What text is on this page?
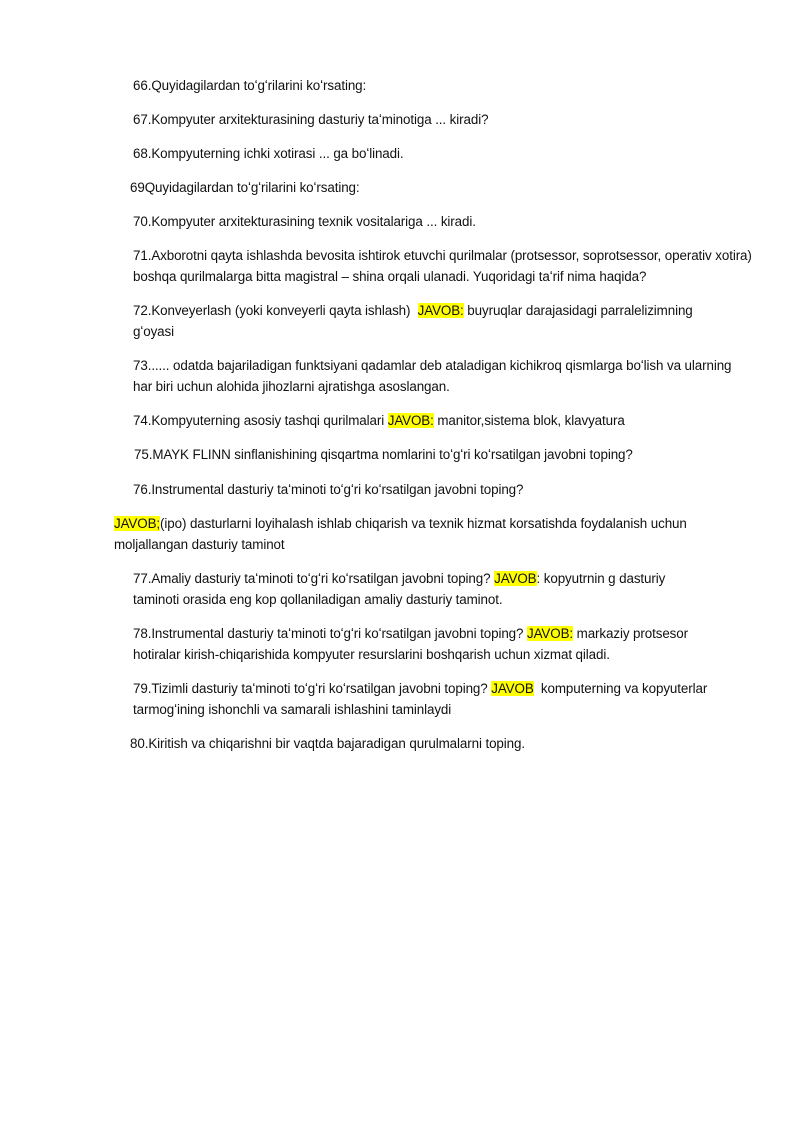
66.Quyidagilardan toʻgʻrilarini koʻrsating:
67.Kompyuter arxitekturasining dasturiy taʻminotiga ... kiradi?
68.Kompyuterning ichki xotirasi ... ga boʻlinadi.
69Quyidagilardan toʻgʻrilarini koʻrsating:
70.Kompyuter arxitekturasining texnik vositalariga ... kiradi.
71.Axborotni qayta ishlashda bevosita ishtirok etuvchi qurilmalar (protsessor, soprotsessor, operativ xotira) boshqa qurilmalarga bitta magistral – shina orqali ulanadi. Yuqoridagi taʻrif nima haqida?
72.Konveyerlash (yoki konveyerli qayta ishlash) JAVOB: buyruqlar darajasidagi parralelizimning gʻoyasi
73...... odatda bajariladigan funktsiyani qadamlar deb ataladigan kichikroq qismlarga boʻlish va ularning har biri uchun alohida jihozlarni ajratishga asoslangan.
74.Kompyuterning asosiy tashqi qurilmalari JAVOB: manitor,sistema blok, klavyatura
75.MAYK FLINN sinflanishining qisqartma nomlarini toʻgʻri koʻrsatilgan javobni toping?
76.Instrumental dasturiy taʻminoti toʻgʻri koʻrsatilgan javobni toping?
JAVOB;(ipo) dasturlarni loyihalash ishlab chiqarish va texnik hizmat korsatishda foydalanish uchun moljallangan dasturiy taminot
77.Amaliy dasturiy taʻminoti toʻgʻri koʻrsatilgan javobni toping? JAVOB: kopyutrnin g dasturiy taminoti orasida eng kop qollaniladigan amaliy dasturiy taminot.
78.Instrumental dasturiy taʻminoti toʻgʻri koʻrsatilgan javobni toping? JAVOB: markaziy protsesor hotiralar kirish-chiqarishida kompyuter resurslarini boshqarish uchun xizmat qiladi.
79.Tizimli dasturiy taʻminoti toʻgʻri koʻrsatilgan javobni toping? JAVOB komputerning va kopyuterlar tarmogʻining ishonchli va samarali ishlashini taminlaydi
80.Kiritish va chiqarishni bir vaqtda bajaradigan qurulmalarni toping.
